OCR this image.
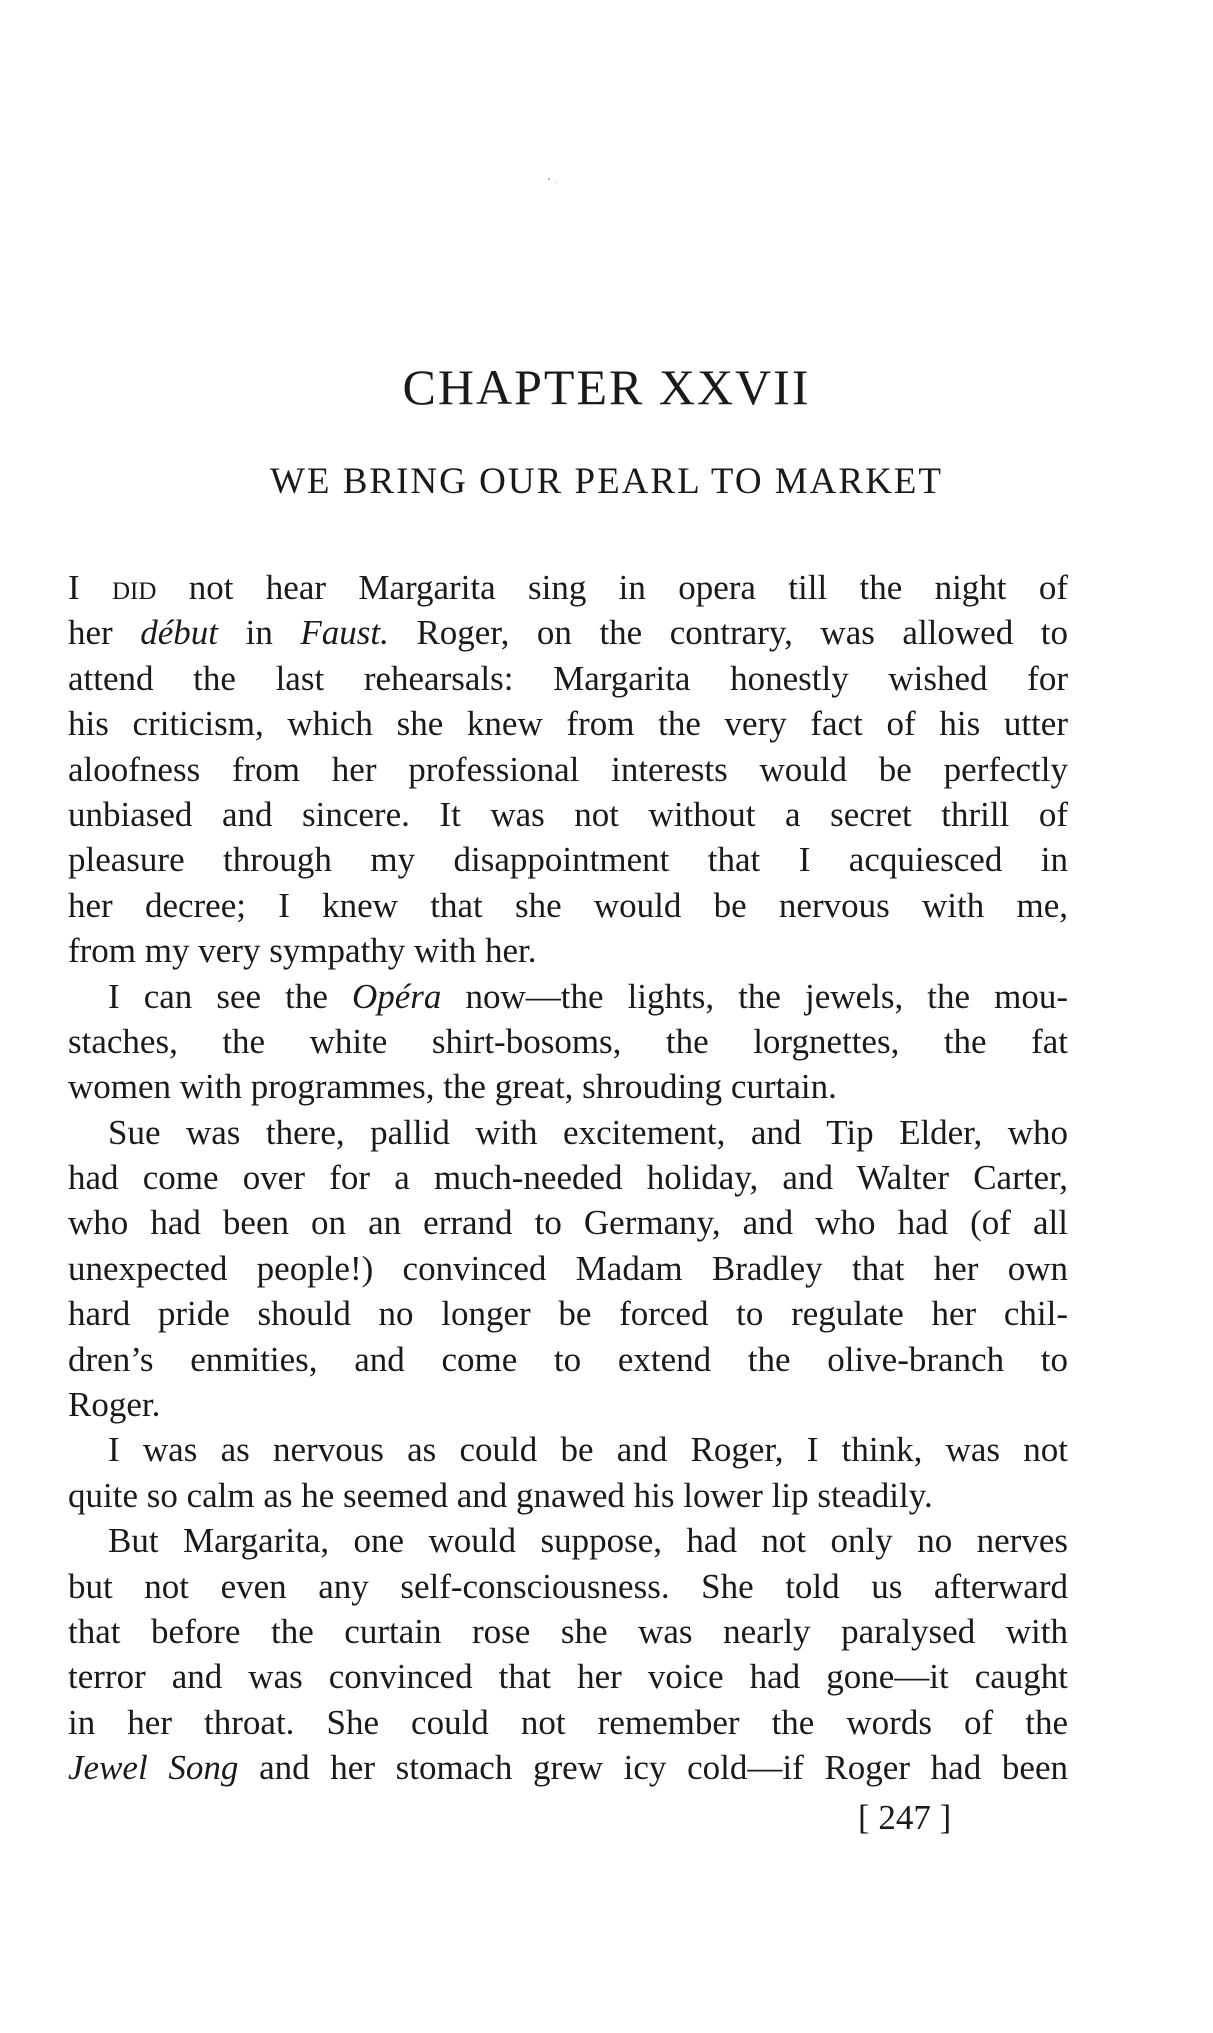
CHAPTER XXVII
WE BRING OUR PEARL TO MARKET
I did not hear Margarita sing in opera till the night of
her début in Faust. Roger, on the contrary, was allowed to
attend the last rehearsals: Margarita honestly wished for
his criticism, which she knew from the very fact of his utter
aloofness from her professional interests would be perfectly
unbiased and sincere. It was not without a secret thrill of
pleasure through my disappointment that I acquiesced in
her decree; I knew that she would be nervous with me,
from my very sympathy with her.
I can see the Opéra now—the lights, the jewels, the mou-
staches, the white shirt-bosoms, the lorgnettes, the fat
women with programmes, the great, shrouding curtain.
Sue was there, pallid with excitement, and Tip Elder, who
had come over for a much-needed holiday, and Walter Carter,
who had been on an errand to Germany, and who had (of all
unexpected people!) convinced Madam Bradley that her own
hard pride should no longer be forced to regulate her chil-
dren’s enmities, and come to extend the olive-branch to
Roger.
I was as nervous as could be and Roger, I think, was not
quite so calm as he seemed and gnawed his lower lip steadily.
But Margarita, one would suppose, had not only no nerves
but not even any self-consciousness. She told us afterward
that before the curtain rose she was nearly paralysed with
terror and was convinced that her voice had gone—it caught
in her throat. She could not remember the words of the
Jewel Song and her stomach grew icy cold—if Roger had been
[ 247 ]
